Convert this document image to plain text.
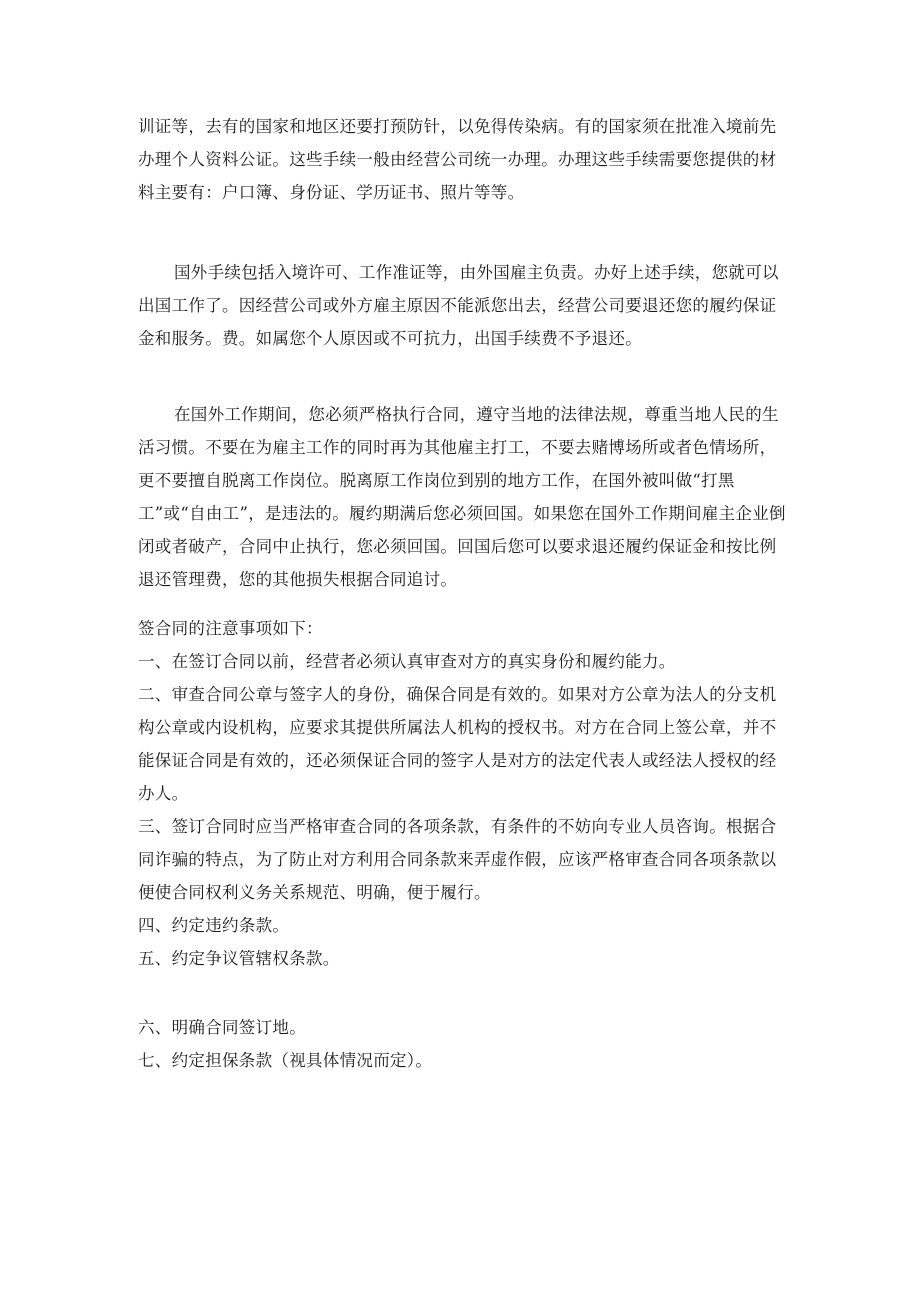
训证等，去有的国家和地区还要打预防针，以免得传染病。有的国家须在批准入境前先办理个人资料公证。这些手续一般由经营公司统一办理。办理这些手续需要您提供的材料主要有：户口簿、身份证、学历证书、照片等等。

国外手续包括入境许可、工作准证等，由外国雇主负责。办好上述手续，您就可以出国工作了。因经营公司或外方雇主原因不能派您出去，经营公司要退还您的履约保证金和服务。费。如属您个人原因或不可抗力，出国手续费不予退还。

在国外工作期间，您必须严格执行合同，遵守当地的法律法规，尊重当地人民的生活习惯。不要在为雇主工作的同时再为其他雇主打工，不要去赌博场所或者色情场所，更不要擅自脱离工作岗位。脱离原工作岗位到别的地方工作，在国外被叫做“打黑工”或“自由工”，是违法的。履约期满后您必须回国。如果您在国外工作期间雇主企业倒闭或者破产，合同中止执行，您必须回国。回国后您可以要求退还履约保证金和按比例退还管理费，您的其他损失根据合同追讨。

签合同的注意事项如下：

一、在签订合同以前，经营者必须认真审查对方的真实身份和履约能力。

二、审查合同公章与签字人的身份，确保合同是有效的。如果对方公章为法人的分支机构公章或内设机构，应要求其提供所属法人机构的授权书。对方在合同上签公章，并不能保证合同是有效的，还必须保证合同的签字人是对方的法定代表人或经法人授权的经办人。

三、签订合同时应当严格审查合同的各项条款，有条件的不妨向专业人员咨询。根据合同诈骗的特点，为了防止对方利用合同条款来弄虚作假，应该严格审查合同各项条款以便使合同权利义务关系规范、明确，便于履行。

四、约定违约条款。

五、约定争议管辖权条款。

六、明确合同签订地。

七、约定担保条款（视具体情况而定）。
